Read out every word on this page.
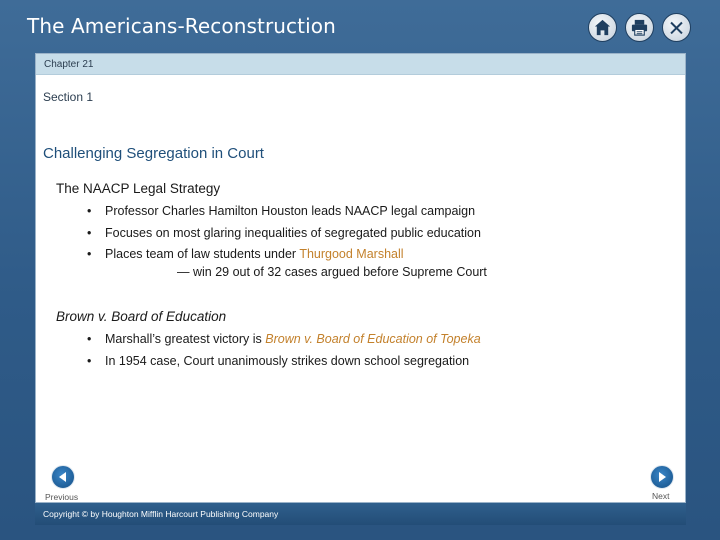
The Americans-Reconstruction
Chapter 21
Section 1
Challenging Segregation in Court
The NAACP Legal Strategy
• Professor Charles Hamilton Houston leads NAACP legal campaign
• Focuses on most glaring inequalities of segregated public education
• Places team of law students under Thurgood Marshall
— win 29 out of 32 cases argued before Supreme Court
Brown v. Board of Education
• Marshall’s greatest victory is Brown v. Board of Education of Topeka
• In 1954 case, Court unanimously strikes down school segregation
Previous	Next
Copyright © by Houghton Mifflin Harcourt Publishing Company
